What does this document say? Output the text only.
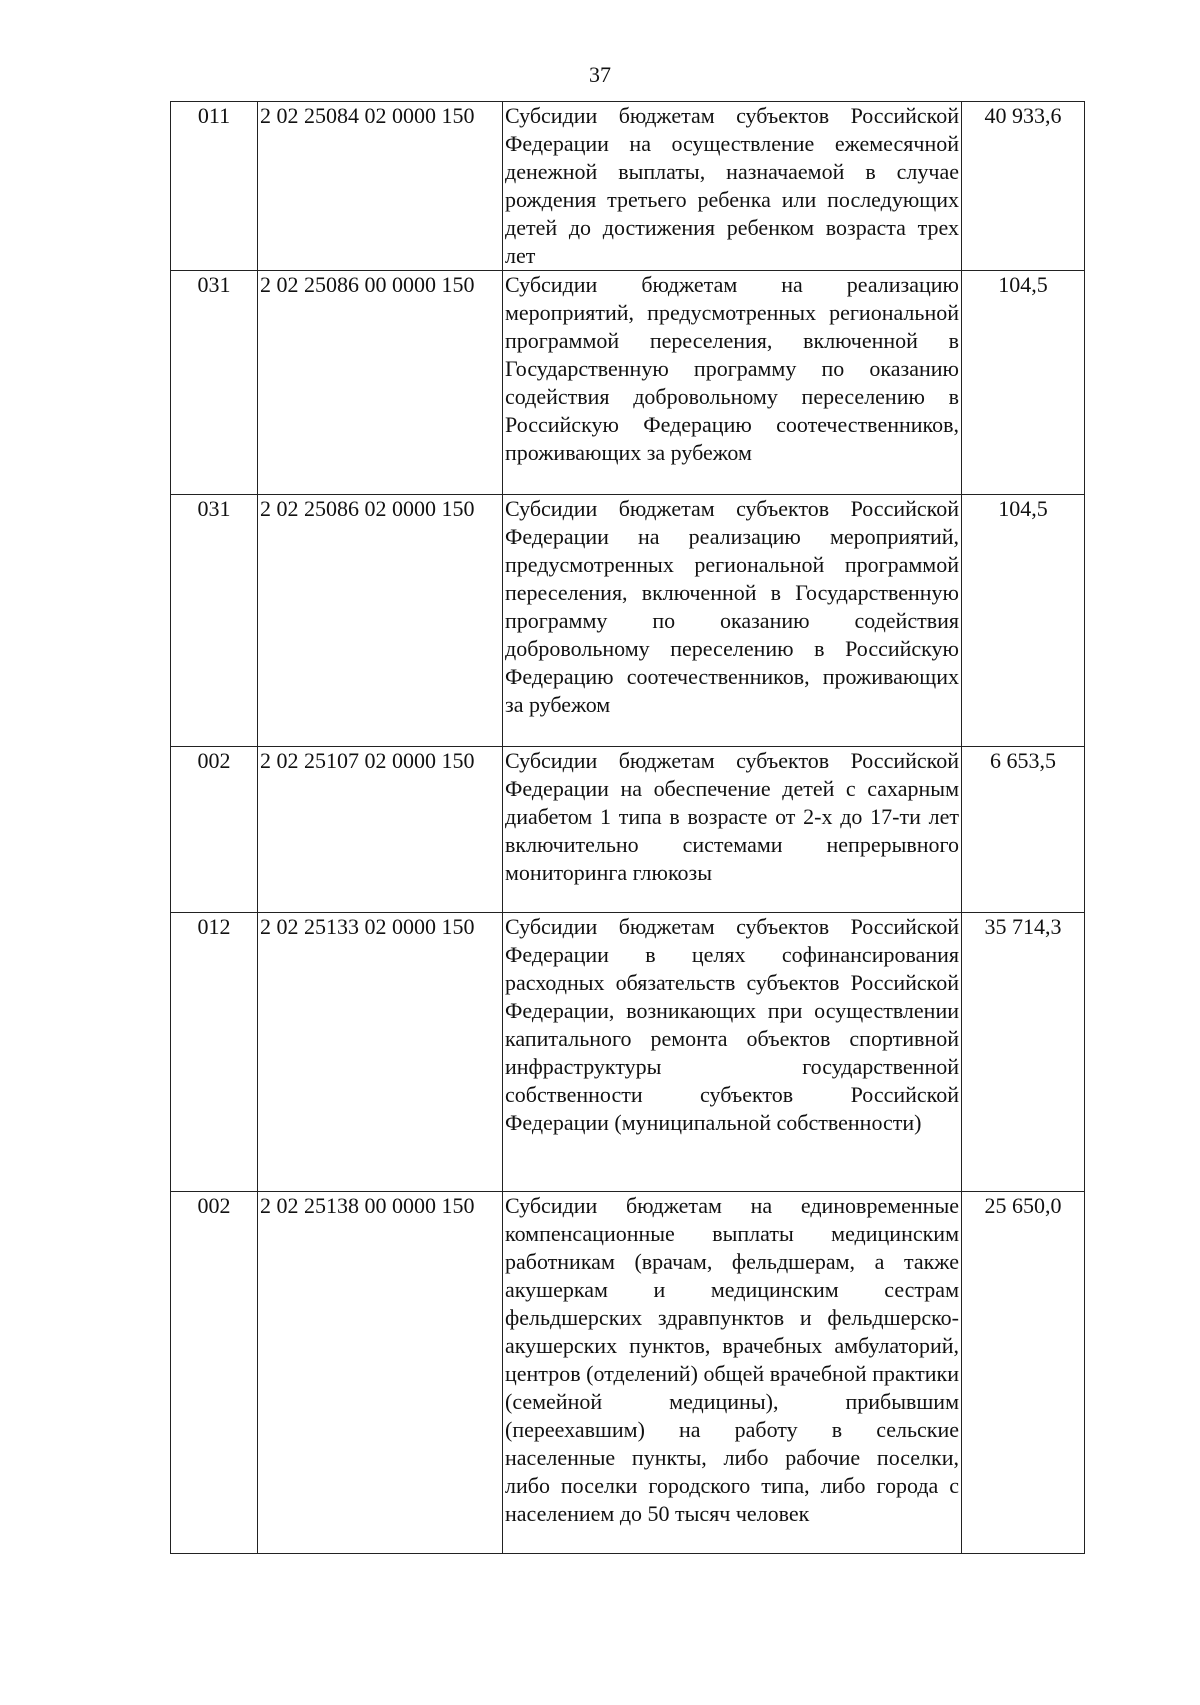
37
011	2 02 25084 02 0000 150	Субсидии бюджетам субъектов Российской Федерации на осуществление ежемесячной денежной выплаты, назначаемой в случае рождения третьего ребенка или последующих детей до достижения ребенком возраста трех лет	40 933,6
031	2 02 25086 00 0000 150	Субсидии бюджетам на реализацию мероприятий, предусмотренных региональной программой переселения, включенной в Государственную программу по оказанию содействия добровольному переселению в Российскую Федерацию соотечественников, проживающих за рубежом	104,5
031	2 02 25086 02 0000 150	Субсидии бюджетам субъектов Российской Федерации на реализацию мероприятий, предусмотренных региональной программой переселения, включенной в Государственную программу по оказанию содействия добровольному переселению в Российскую Федерацию соотечественников, проживающих за рубежом	104,5
002	2 02 25107 02 0000 150	Субсидии бюджетам субъектов Российской Федерации на обеспечение детей с сахарным диабетом 1 типа в возрасте от 2-х до 17-ти лет включительно системами непрерывного мониторинга глюкозы	6 653,5
012	2 02 25133 02 0000 150	Субсидии бюджетам субъектов Российской Федерации в целях софинансирования расходных обязательств субъектов Российской Федерации, возникающих при осуществлении капитального ремонта объектов спортивной инфраструктуры государственной собственности субъектов Российской Федерации (муниципальной собственности)	35 714,3
002	2 02 25138 00 0000 150	Субсидии бюджетам на единовременные компенсационные выплаты медицинским работникам (врачам, фельдшерам, а также акушеркам и медицинским сестрам фельдшерских здравпунктов и фельдшерско-акушерских пунктов, врачебных амбулаторий, центров (отделений) общей врачебной практики (семейной медицины), прибывшим (переехавшим) на работу в сельские населенные пункты, либо рабочие поселки, либо поселки городского типа, либо города с населением до 50 тысяч человек	25 650,0
